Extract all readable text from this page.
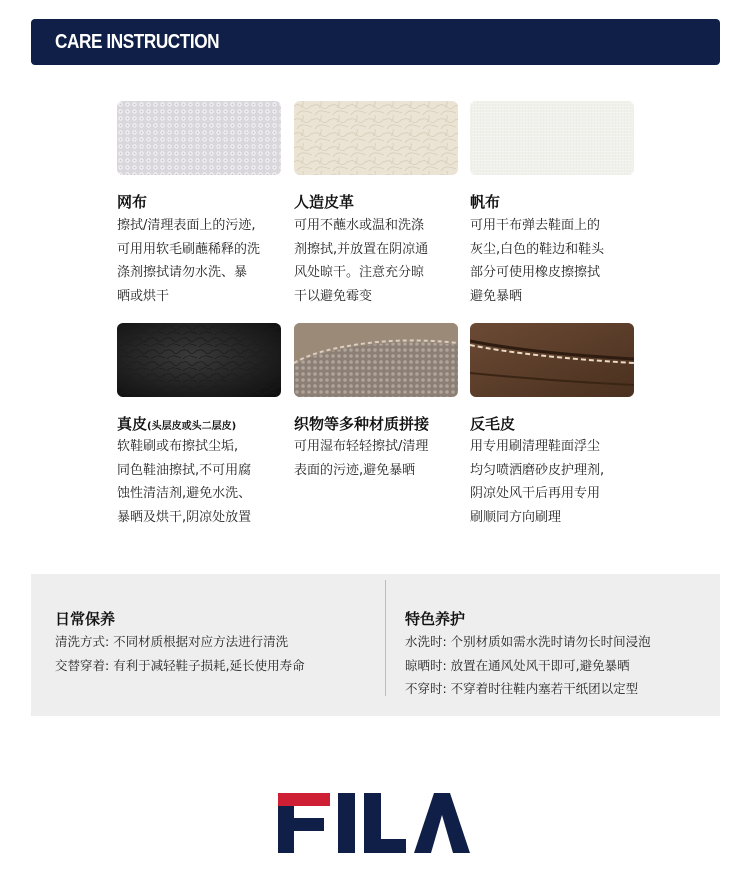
CARE INSTRUCTION
网布
擦拭/清理表面上的污迹,
可用用软毛刷蘸稀释的洗
涤剂擦拭请勿水洗、暴
晒或烘干
人造皮革
可用不蘸水或温和洗涤
剂擦拭,并放置在阴凉通
风处晾干。注意充分晾
干以避免霉变
帆布
可用干布弹去鞋面上的
灰尘,白色的鞋边和鞋头
部分可使用橡皮擦擦拭
避免暴晒
真皮(头层皮或头二层皮)
软鞋刷或布擦拭尘垢,
同色鞋油擦拭,不可用腐
蚀性清洁剂,避免水洗、
暴晒及烘干,阴凉处放置
织物等多种材质拼接
可用湿布轻轻擦拭/清理
表面的污迹,避免暴晒
反毛皮
用专用刷清理鞋面浮尘
均匀喷洒磨砂皮护理剂,
阴凉处风干后再用专用
刷顺同方向刷理
日常保养
清洗方式: 不同材质根据对应方法进行清洗
交替穿着: 有利于减轻鞋子损耗,延长使用寿命
特色养护
水洗时: 个别材质如需水洗时请勿长时间浸泡
晾晒时: 放置在通风处风干即可,避免暴晒
不穿时: 不穿着时往鞋内塞若干纸团以定型
